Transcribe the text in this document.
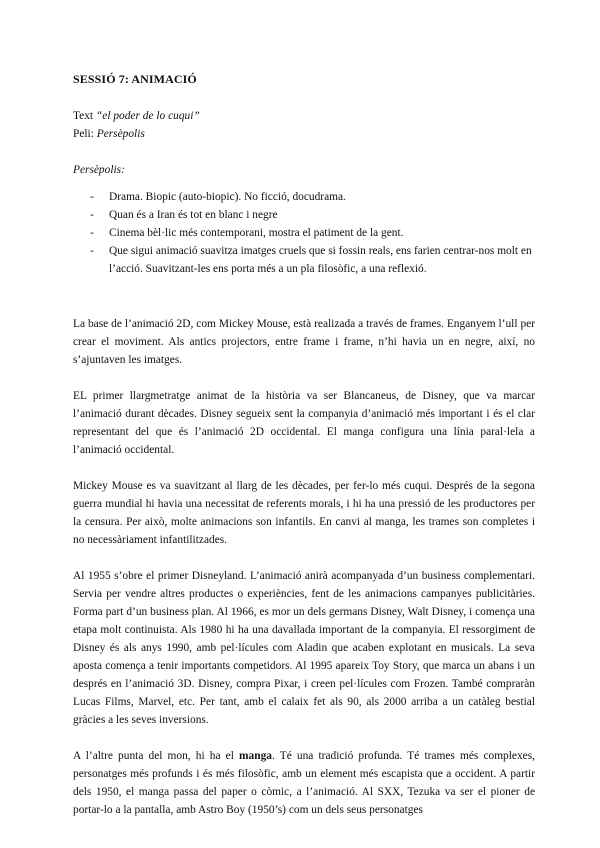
SESSIÓ 7: ANIMACIÓ

Text “el poder de lo cuqui”

Peli: Persèpolis

Persèpolis:

- Drama. Biopic (auto-biopic). No ficció, docudrama.
- Quan és a Iran és tot en blanc i negre
- Cinema bèl·lic més contemporani, mostra el patiment de la gent.
- Que sigui animació suavitza imatges cruels que si fossin reals, ens farien centrar-nos molt en l’acció. Suavitzant-les ens porta més a un pla filosòfic, a una reflexió.

La base de l’animació 2D, com Mickey Mouse, està realizada a través de frames. Enganyem l’ull per crear el moviment. Als antics projectors, entre frame i frame, n’hi havia un en negre, així, no s’ajuntaven les imatges.

EL primer llargmetratge animat de la història va ser Blancaneus, de Disney, que va marcar l’animació durant dècades. Disney segueix sent la companyia d’animació més important i és el clar representant del que és l’animació 2D occidental. El manga configura una línia paral·lela a l’animació occidental.

Mickey Mouse es va suavitzant al llarg de les dècades, per fer-lo més cuqui. Després de la segona guerra mundial hi havia una necessitat de referents morals, i hi ha una pressió de les productores per la censura. Per això, molte animacions son infantils. En canvi al manga, les trames son completes i no necessàriament infantilitzades.

Al 1955 s’obre el primer Disneyland. L’animació anirà acompanyada d’un business complementari. Servia per vendre altres productes o experiències, fent de les animacions campanyes publicitàries. Forma part d’un business plan. Al 1966, es mor un dels germans Disney, Walt Disney, i comença una etapa molt continuista. Als 1980 hi ha una davallada important de la companyia. El ressorgiment de Disney és als anys 1990, amb pel·lícules com Aladin que acaben explotant en musicals. La seva aposta comença a tenir importants competidors. Al 1995 apareix Toy Story, que marca un abans i un després en l’animació 3D. Disney, compra Pixar, i creen pel·lícules com Frozen. També compraràn Lucas Films, Marvel, etc. Per tant, amb el calaix fet als 90, als 2000 arriba a un catàleg bestial gràcies a les seves inversions.

A l’altre punta del mon, hi ha el manga. Té una tradició profunda. Té trames més complexes, personatges més profunds i és més filosòfic, amb un element més escapista que a occident. A partir dels 1950, el manga passa del paper o còmic, a l’animació. Al SXX, Tezuka va ser el pioner de portar-lo a la pantalla, amb Astro Boy (1950’s) com un dels seus personatges
